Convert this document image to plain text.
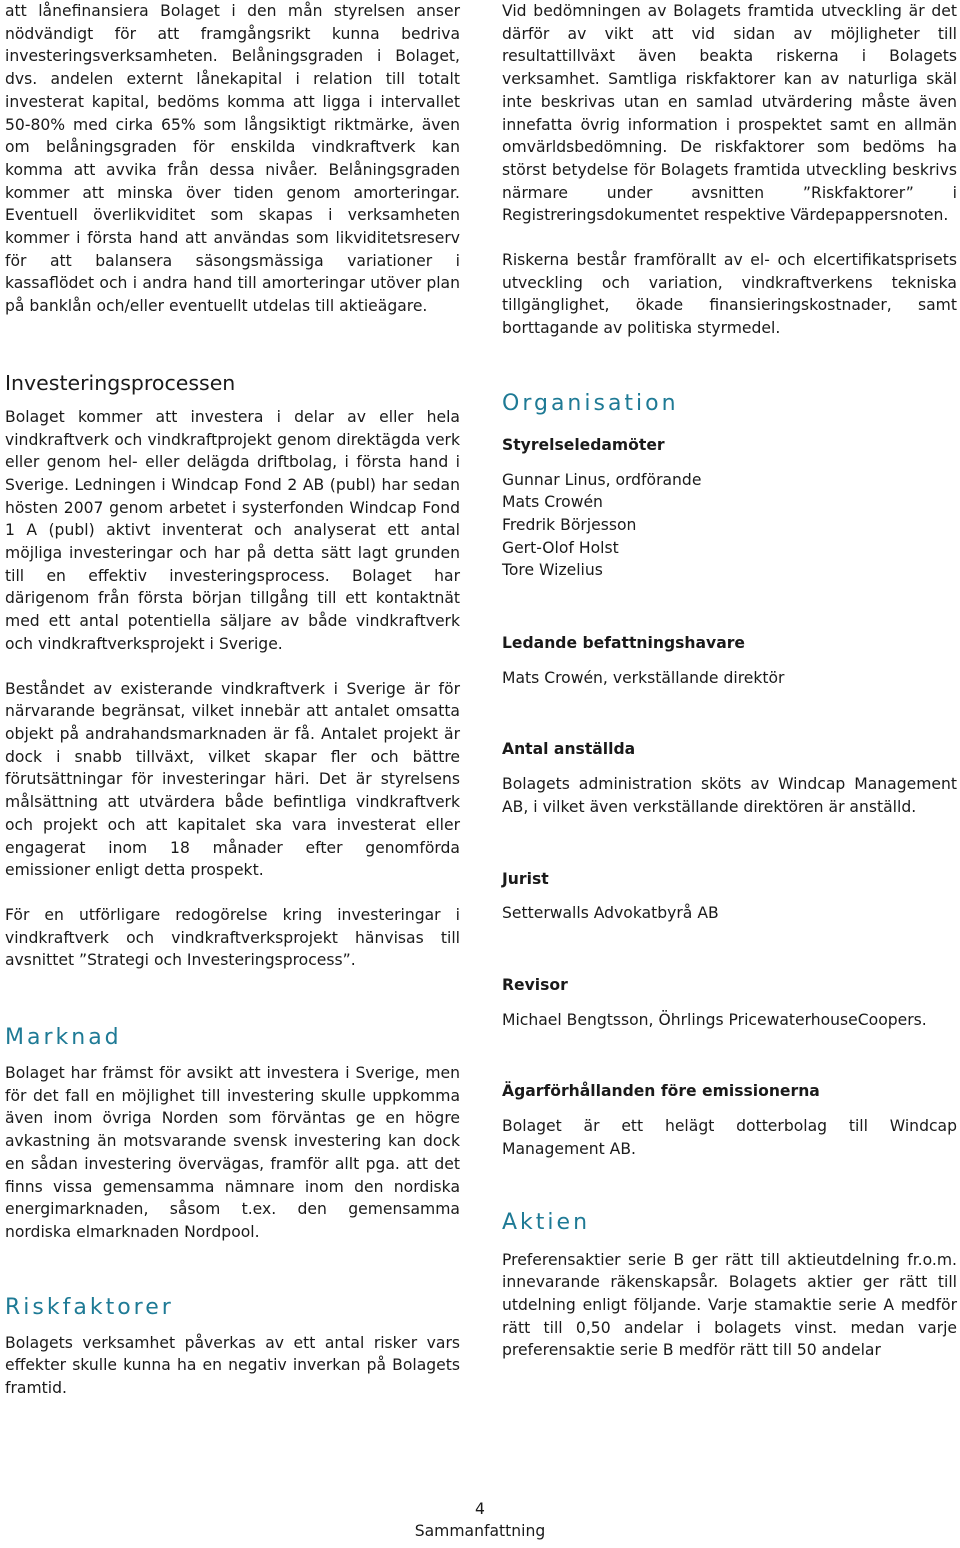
att lånefinansiera Bolaget i den mån styrelsen anser nödvändigt för att framgångsrikt kunna bedriva investeringsverksamheten. Belåningsgraden i Bolaget, dvs. andelen externt lånekapital i relation till totalt investerat kapital, bedöms komma att ligga i intervallet 50-80% med cirka 65% som långsiktigt riktmärke, även om belåningsgraden för enskilda vindkraftverk kan komma att avvika från dessa nivåer. Belåningsgraden kommer att minska över tiden genom amorteringar. Eventuell överlikviditet som skapas i verksamheten kommer i första hand att användas som likviditetsreserv för att balansera säsongsmässiga variationer i kassaflödet och i andra hand till amorteringar utöver plan på banklån och/eller eventuellt utdelas till aktieägare.

Investeringsprocessen

Bolaget kommer att investera i delar av eller hela vindkraftverk och vindkraftprojekt genom direktägda verk eller genom hel- eller delägda driftbolag, i första hand i Sverige. Ledningen i Windcap Fond 2 AB (publ) har sedan hösten 2007 genom arbetet i systerfonden Windcap Fond 1 A (publ) aktivt inventerat och analyserat ett antal möjliga investeringar och har på detta sätt lagt grunden till en effektiv investeringsprocess. Bolaget har därigenom från första början tillgång till ett kontaktnät med ett antal potentiella säljare av både vindkraftverk och vindkraftverksprojekt i Sverige.

Beståndet av existerande vindkraftverk i Sverige är för närvarande begränsat, vilket innebär att antalet omsatta objekt på andrahandsmarknaden är få. Antalet projekt är dock i snabb tillväxt, vilket skapar fler och bättre förutsättningar för investeringar häri. Det är styrelsens målsättning att utvärdera både befintliga vindkraftverk och projekt och att kapitalet ska vara investerat eller engagerat inom 18 månader efter genomförda emissioner enligt detta prospekt.

För en utförligare redogörelse kring investeringar i vindkraftverk och vindkraftverksprojekt hänvisas till avsnittet ”Strategi och Investeringsprocess”.

Marknad

Bolaget har främst för avsikt att investera i Sverige, men för det fall en möjlighet till investering skulle uppkomma även inom övriga Norden som förväntas ge en högre avkastning än motsvarande svensk investering kan dock en sådan investering övervägas, framför allt pga. att det finns vissa gemensamma nämnare inom den nordiska energimarknaden, såsom t.ex. den gemensamma nordiska elmarknaden Nordpool.

Riskfaktorer

Bolagets verksamhet påverkas av ett antal risker vars effekter skulle kunna ha en negativ inverkan på Bolagets framtid.

Vid bedömningen av Bolagets framtida utveckling är det därför av vikt att vid sidan av möjligheter till resultattillväxt även beakta riskerna i Bolagets verksamhet. Samtliga riskfaktorer kan av naturliga skäl inte beskrivas utan en samlad utvärdering måste även innefatta övrig information i prospektet samt en allmän omvärldsbedömning. De riskfaktorer som bedöms ha störst betydelse för Bolagets framtida utveckling beskrivs närmare under avsnitten ”Riskfaktorer” i Registreringsdokumentet respektive Värdepappersnoten.

Riskerna består framförallt av el- och elcertifikatsprisets utveckling och variation, vindkraftverkens tekniska tillgänglighet, ökade finansieringskostnader, samt borttagande av politiska styrmedel.

Organisation
Styrelseledamöter

Gunnar Linus, ordförande

Mats Crowén

Fredrik Börjesson

Gert-Olof Holst

Tore Wizelius

Ledande befattningshavare

Mats Crowén, verkställande direktör

Antal anställda

Bolagets administration sköts av Windcap Management AB, i vilket även verkställande direktören är anställd.

Jurist

Setterwalls Advokatbyrå AB

Revisor

Michael Bengtsson, Öhrlings PricewaterhouseCoopers.

Ägarförhållanden före emissionerna

Bolaget är ett helägt dotterbolag till Windcap Management AB.

Aktien

Preferensaktier serie B ger rätt till aktieutdelning fr.o.m. innevarande räkenskapsår. Bolagets aktier ger rätt till utdelning enligt följande. Varje stamaktie serie A medför rätt till 0,50 andelar i bolagets vinst. medan varje preferensaktie serie B medför rätt till 50 andelar

4
Sammanfattning
